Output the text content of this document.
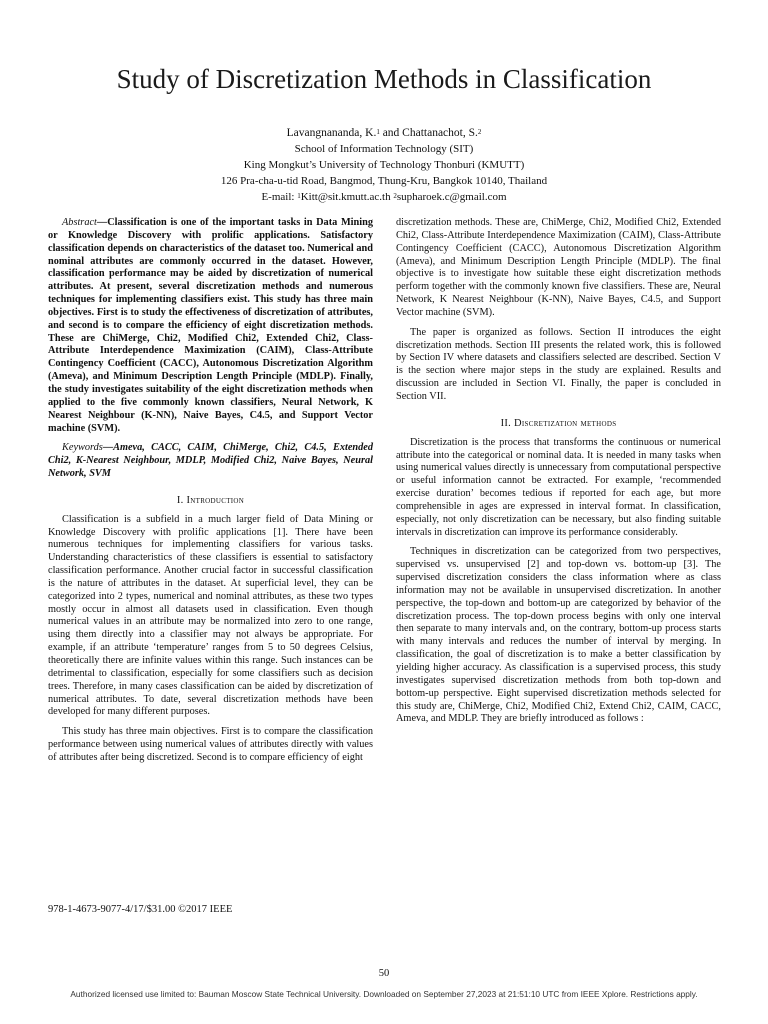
Study of Discretization Methods in Classification
Lavangnananda, K.$^1$ and Chattanachot, S.$^2$
School of Information Technology (SIT)
King Mongkut’s University of Technology Thonburi (KMUTT)
126 Pra-cha-u-tid Road, Bangmod, Thung-Kru, Bangkok 10140, Thailand
E-mail: $^1$Kitt@sit.kmutt.ac.th $^2$supharoek.c@gmail.com

Abstract—Classification is one of the important tasks in Data Mining or Knowledge Discovery with prolific applications. Satisfactory classification depends on characteristics of the dataset too. Numerical and nominal attributes are commonly occurred in the dataset. However, classification performance may be aided by discretization of numerical attributes. At present, several discretization methods and numerous techniques for implementing classifiers exist. This study has three main objectives. First is to study the effectiveness of discretization of attributes, and second is to compare the efficiency of eight discretization methods. These are ChiMerge, Chi2, Modified Chi2, Extended Chi2, Class-Attribute Interdependence Maximization (CAIM), Class-Attribute Contingency Coefficient (CACC), Autonomous Discretization Algorithm (Ameva), and Minimum Description Length Principle (MDLP). Finally, the study investigates suitability of the eight discretization methods when applied to the five commonly known classifiers, Neural Network, K Nearest Neighbour (K-NN), Naive Bayes, C4.5, and Support Vector machine (SVM).

Keywords—Ameva, CACC, CAIM, ChiMerge, Chi2, C4.5, Extended Chi2, K-Nearest Neighbour, MDLP, Modified Chi2, Naive Bayes, Neural Network, SVM

I. Introduction

Classification is a subfield in a much larger field of Data Mining or Knowledge Discovery with prolific applications [1]. There have been numerous techniques for implementing classifiers for various tasks. Understanding characteristics of these classifiers is essential to satisfactory classification performance. Another crucial factor in successful classification is the nature of attributes in the dataset. At superficial level, they can be categorized into 2 types, numerical and nominal attributes, as these two types mostly occur in almost all datasets used in classification. Even though numerical values in an attribute may be normalized into zero to one range, using them directly into a classifier may not always be appropriate. For example, if an attribute ‘temperature’ ranges from 5 to 50 degrees Celsius, theoretically there are infinite values within this range. Such instances can be detrimental to classification, especially for some classifiers such as decision trees. Therefore, in many cases classification can be aided by discretization of numerical attributes. To date, several discretization methods have been developed for many different purposes.

This study has three main objectives. First is to compare the classification performance between using numerical values of attributes directly with values of attributes after being discretized. Second is to compare efficiency of eight

discretization methods. These are, ChiMerge, Chi2, Modified Chi2, Extended Chi2, Class-Attribute Interdependence Maximization (CAIM), Class-Attribute Contingency Coefficient (CACC), Autonomous Discretization Algorithm (Ameva), and Minimum Description Length Principle (MDLP). The final objective is to investigate how suitable these eight discretization methods perform together with the commonly known five classifiers. These are, Neural Network, K Nearest Neighbour (K-NN), Naive Bayes, C4.5, and Support Vector machine (SVM).

The paper is organized as follows. Section II introduces the eight discretization methods. Section III presents the related work, this is followed by Section IV where datasets and classifiers selected are described. Section V is the section where major steps in the study are explained. Results and discussion are included in Section VI. Finally, the paper is concluded in Section VII.

II. Discretization methods

Discretization is the process that transforms the continuous or numerical attribute into the categorical or nominal data. It is needed in many tasks when using numerical values directly is unnecessary from computational perspective or useful information cannot be extracted. For example, ‘recommended exercise duration’ becomes tedious if reported for each age, but more comprehensible in ages are expressed in interval format. In classification, especially, not only discretization can be necessary, but also finding suitable intervals in discretization can improve its performance considerably.

Techniques in discretization can be categorized from two perspectives, supervised vs. unsupervised [2] and top-down vs. bottom-up [3]. The supervised discretization considers the class information where as class information may not be available in unsupervised discretization. In another perspective, the top-down and bottom-up are categorized by behavior of the discretization process. The top-down process begins with only one interval then separate to many intervals and, on the contrary, bottom-up process starts with many intervals and reduces the number of interval by merging. In classification, the goal of discretization is to make a better classification by yielding higher accuracy. As classification is a supervised process, this study investigates supervised discretization methods from both top-down and bottom-up perspective. Eight supervised discretization methods selected for this study are, ChiMerge, Chi2, Modified Chi2, Extend Chi2, CAIM, CACC, Ameva, and MDLP. They are briefly introduced as follows :

978-1-4673-9077-4/17/$31.00 ©2017 IEEE
50
Authorized licensed use limited to: Bauman Moscow State Technical University. Downloaded on September 27,2023 at 21:51:10 UTC from IEEE Xplore. Restrictions apply.
